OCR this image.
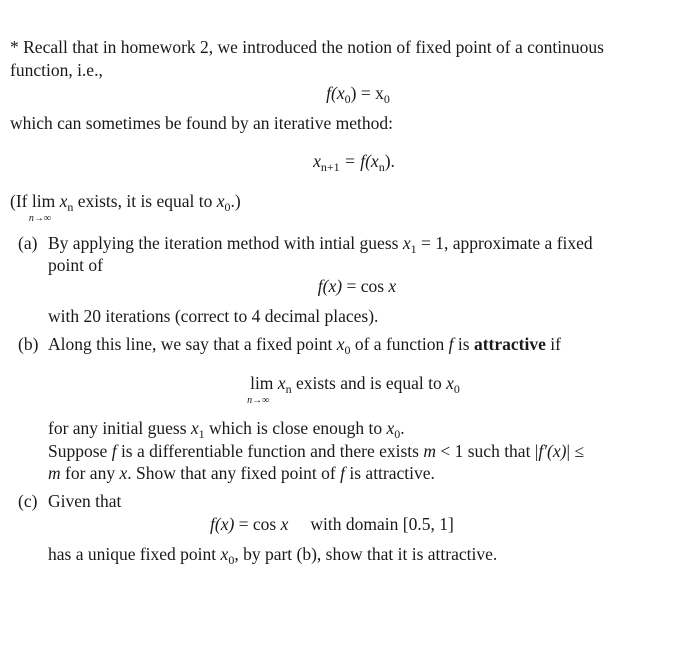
* Recall that in homework 2, we introduced the notion of fixed point of a continuous
function, i.e.,
$f(x_0) = x_0$
which can sometimes be found by an iterative method:
$x_{n+1} = f(x_n)$.
(If lim
n→∞
$x_n$ exists, it is equal to $x_0$.)
(a) By applying the iteration method with intial guess $x_1 = 1$, approximate a fixed
point of
f(x) = cos x
with 20 iterations (correct to 4 decimal places).
(b) Along this line, we say that a fixed point $x_0$ of a function f is attractive if
lim
n→∞
$x_n$ exists and is equal to $x_0$
for any initial guess $x_1$ which is close enough to $x_0$.
Suppose f is a differentiable function and there exists m < 1 such that |f′(x)| ≤
m for any x. Show that any fixed point of f is attractive.
(c) Given that
f(x) = cos x with domain [0.5, 1]
has a unique fixed point $x_0$, by part (b), show that it is attractive.
